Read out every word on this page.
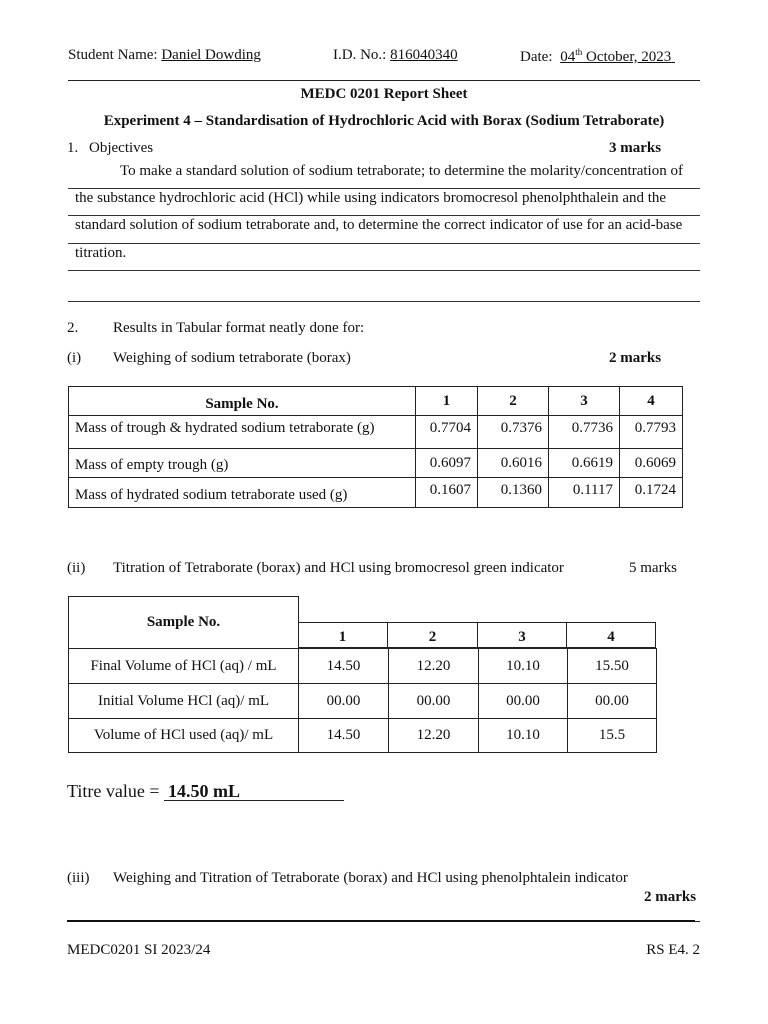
Student Name: Daniel Dowding	I.D. No.: 816040340	Date: 04th October, 2023
MEDC 0201 Report Sheet
Experiment 4 – Standardisation of Hydrochloric Acid with Borax (Sodium Tetraborate)
1. Objectives	3 marks
To make a standard solution of sodium tetraborate; to determine the molarity/concentration of
the substance hydrochloric acid (HCl) while using indicators bromocresol phenolphthalein and the
standard solution of sodium tetraborate and, to determine the correct indicator of use for an acid-base
titration.
2. Results in Tabular format neatly done for:
(i) Weighing of sodium tetraborate (borax)	2 marks
Sample No.	1	2	3	4
Mass of trough & hydrated sodium tetraborate (g)	0.7704	0.7376	0.7736	0.7793
Mass of empty trough (g)	0.6097	0.6016	0.6619	0.6069
Mass of hydrated sodium tetraborate used (g)	0.1607	0.1360	0.1117	0.1724
(ii) Titration of Tetraborate (borax) and HCl using bromocresol green indicator	5 marks
Sample No.
1	2	3	4
Final Volume of HCl (aq) / mL	14.50	12.20	10.10	15.50
Initial Volume HCl (aq)/ mL	00.00	00.00	00.00	00.00
Volume of HCl used (aq)/ mL	14.50	12.20	10.10	15.5
Titre value = 14.50 mL
(iii) Weighing and Titration of Tetraborate (borax) and HCl using phenolphtalein indicator
2 marks
MEDC0201 SI 2023/24	RS E4. 2
